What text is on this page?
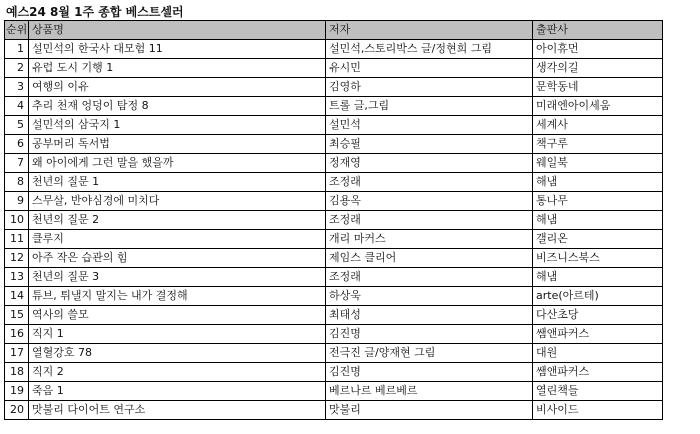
예스24 8월 1주 종합 베스트셀러
순위	상품명	저자	출판사
1	설민석의 한국사 대모험 11	설민석,스토리박스 글/정현희 그림	아이휴먼
2	유럽 도시 기행 1	유시민	생각의길
3	여행의 이유	김영하	문학동네
4	추리 천재 엉덩이 탐정 8	트롤 글,그림	미래엔아이세움
5	설민석의 삼국지 1	설민석	세계사
6	공부머리 독서법	최승필	책구루
7	왜 아이에게 그런 말을 했을까	정재영	웨일북
8	천년의 질문 1	조정래	해냄
9	스무살, 반야심경에 미치다	김용옥	통나무
10	천년의 질문 2	조정래	해냄
11	클루지	개리 마커스	갤리온
12	아주 작은 습관의 힘	제임스 클리어	비즈니스북스
13	천년의 질문 3	조정래	해냄
14	튜브, 튀낼지 말지는 내가 결정해	하상욱	arte(아르테)
15	역사의 쓸모	최태성	다산초당
16	직지 1	김진명	쌤앤파커스
17	열혈강호 78	전극진 글/양재현 그림	대원
18	직지 2	김진명	쌤앤파커스
19	죽음 1	베르나르 베르베르	열린책들
20	맛불리 다이어트 연구소	맛불리	비사이드
